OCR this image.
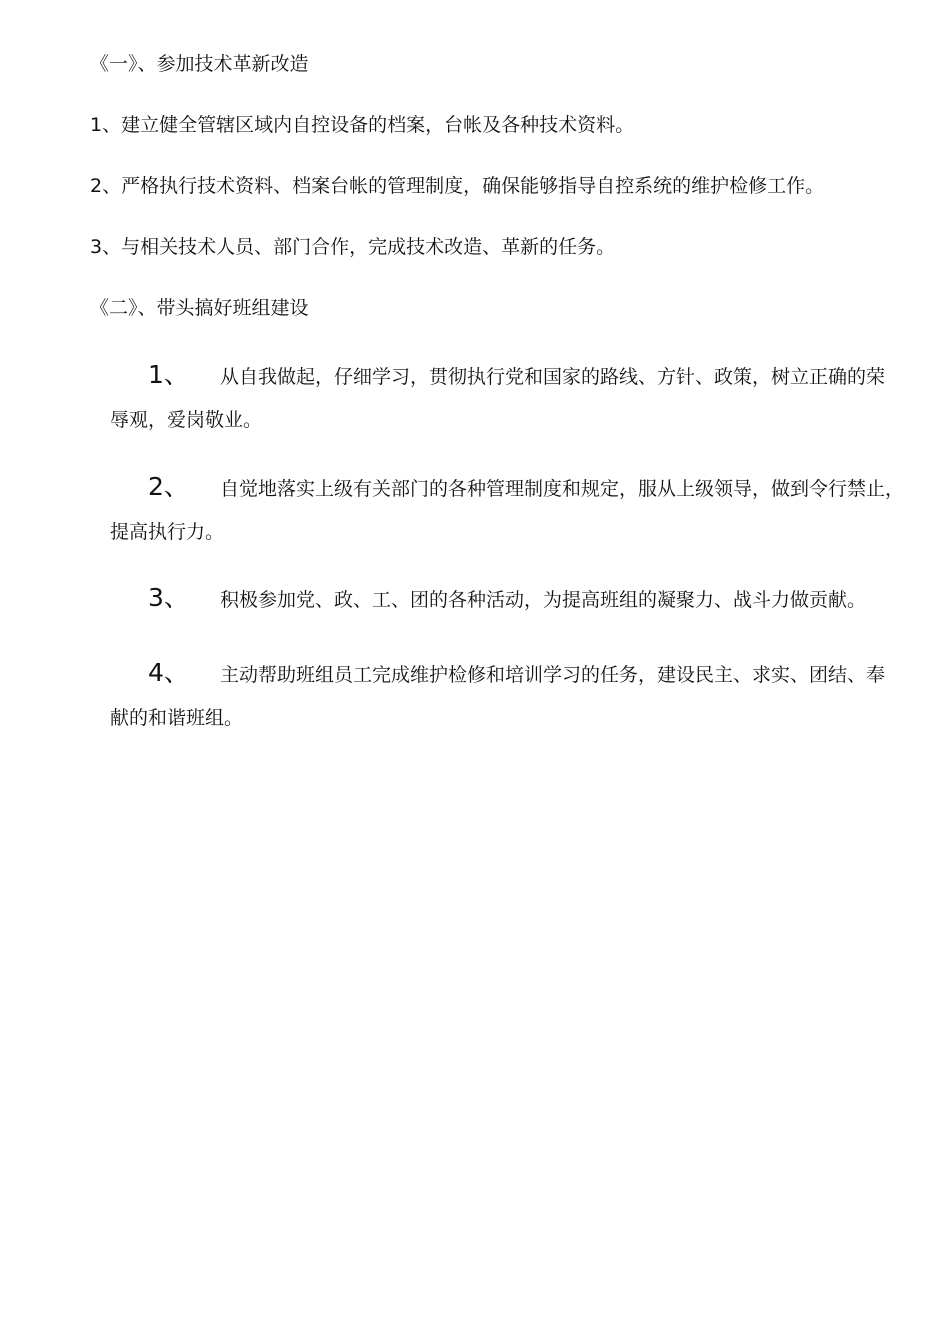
《一》、参加技术革新改造
1、建立健全管辖区域内自控设备的档案，台帐及各种技术资料。
2、严格执行技术资料、档案台帐的管理制度，确保能够指导自控系统的维护检修工作。
3、与相关技术人员、部门合作，完成技术改造、革新的任务。
《二》、带头搞好班组建设
1、 从自我做起，仔细学习，贯彻执行党和国家的路线、方针、政策，树立正确的荣
辱观，爱岗敬业。
2、 自觉地落实上级有关部门的各种管理制度和规定，服从上级领导，做到令行禁止，
提高执行力。
3、 积极参加党、政、工、团的各种活动，为提高班组的凝聚力、战斗力做贡献。
4、 主动帮助班组员工完成维护检修和培训学习的任务，建设民主、求实、团结、奉
献的和谐班组。
